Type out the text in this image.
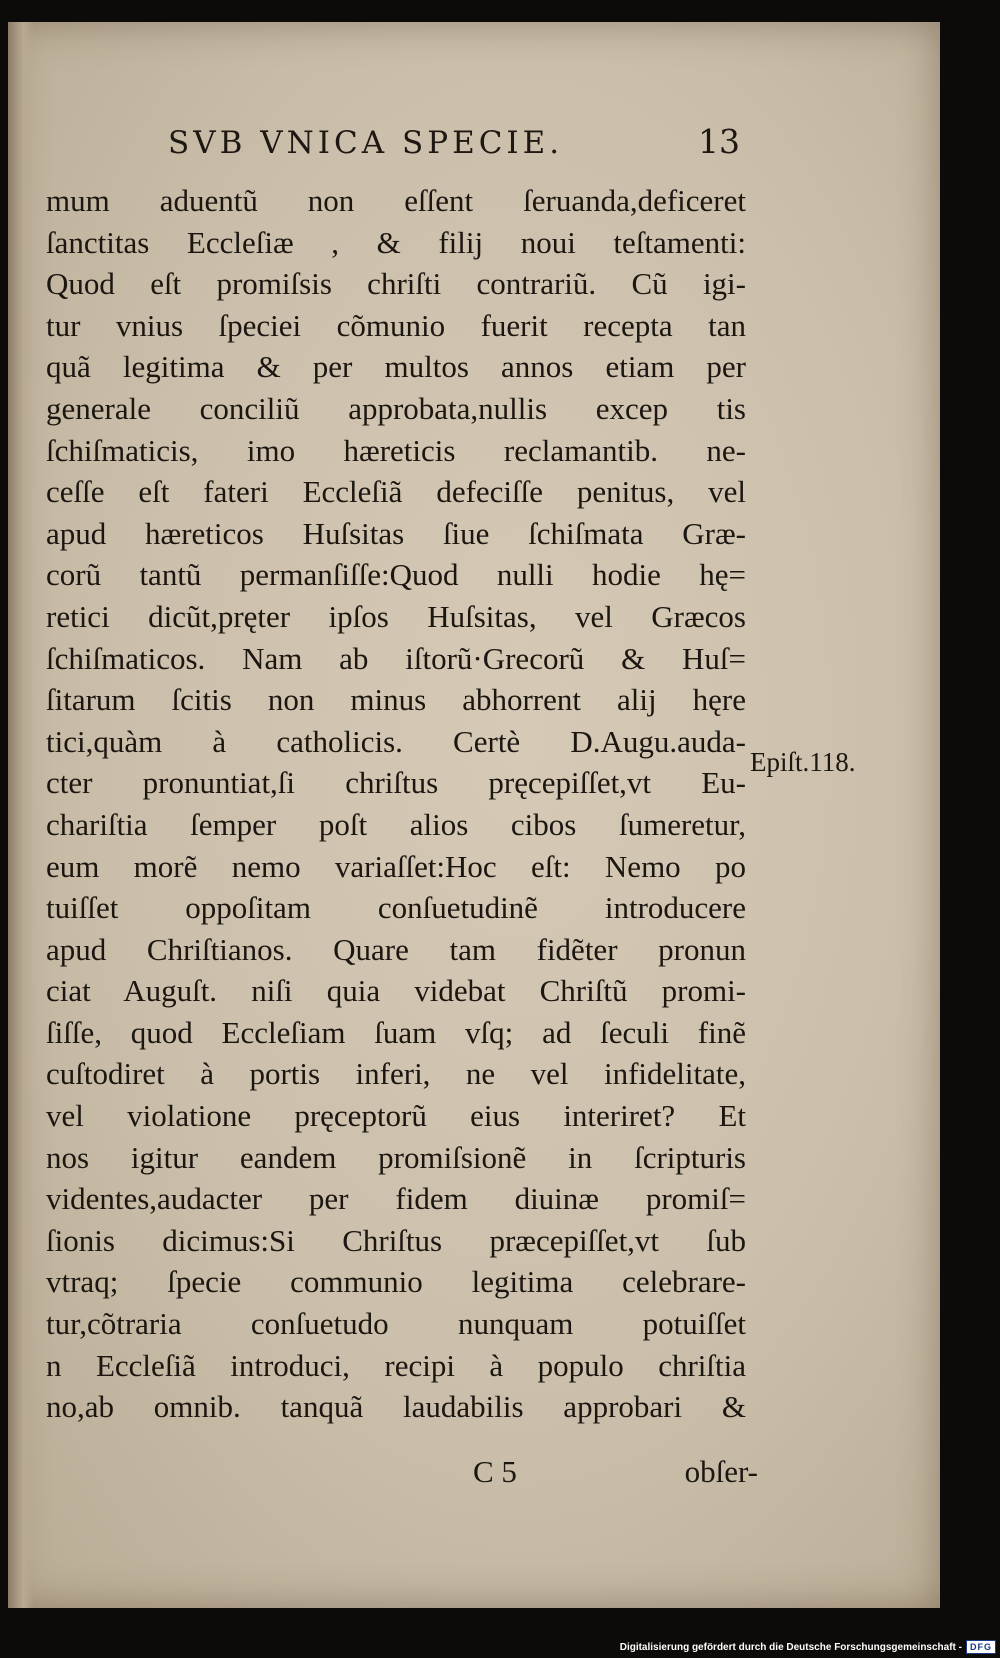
SVB VNICA SPECIE.	13
mum aduentũ non eſſent ſeruanda,deficeret
ſanctitas Eccleſiæ , & filij noui teſtamenti:
Quod eſt promiſsis chriſti contrariũ. Cũ igi-
tur vnius ſpeciei cõmunio fuerit recepta tan
quã legitima & per multos annos etiam per
generale conciliũ approbata,nullis excep tis
ſchiſmaticis, imo hæreticis reclamantib. ne-
ceſſe eſt fateri Eccleſiã defeciſſe penitus, vel
apud hæreticos Huſsitas ſiue ſchiſmata Græ-
corũ tantũ permanſiſſe:Quod nulli hodie hę=
retici dicũt,pręter ipſos Huſsitas, vel Græcos
ſchiſmaticos. Nam ab iſtorũ·Grecorũ & Huſ=
ſitarum ſcitis non minus abhorrent alij hęre
tici,quàm à catholicis. Certè D.Augu.auda-
cter pronuntiat,ſi chriſtus pręcepiſſet,vt Eu-
chariſtia ſemper poſt alios cibos ſumeretur,
eum morẽ nemo variaſſet:Hoc eſt: Nemo po
tuiſſet oppoſitam conſuetudinẽ introducere
apud Chriſtianos. Quare tam fidẽter pronun
ciat Auguſt. niſi quia videbat Chriſtũ promi-
ſiſſe, quod Eccleſiam ſuam vſq; ad ſeculi finẽ
cuſtodiret à portis inferi, ne vel infidelitate,
vel violatione pręceptorũ eius interiret? Et
nos igitur eandem promiſsionẽ in ſcripturis
videntes,audacter per fidem diuinæ promiſ=
ſionis dicimus:Si Chriſtus præcepiſſet,vt ſub
vtraq; ſpecie communio legitima celebrare-
tur,cõtraria conſuetudo nunquam potuiſſet
n Eccleſiã introduci, recipi à populo chriſtia
no,ab omnib. tanquã laudabilis approbari &
Epiſt.118.
C 5	obſer-
Digitalisierung gefördert durch die Deutsche Forschungsgemeinschaft - DFG
